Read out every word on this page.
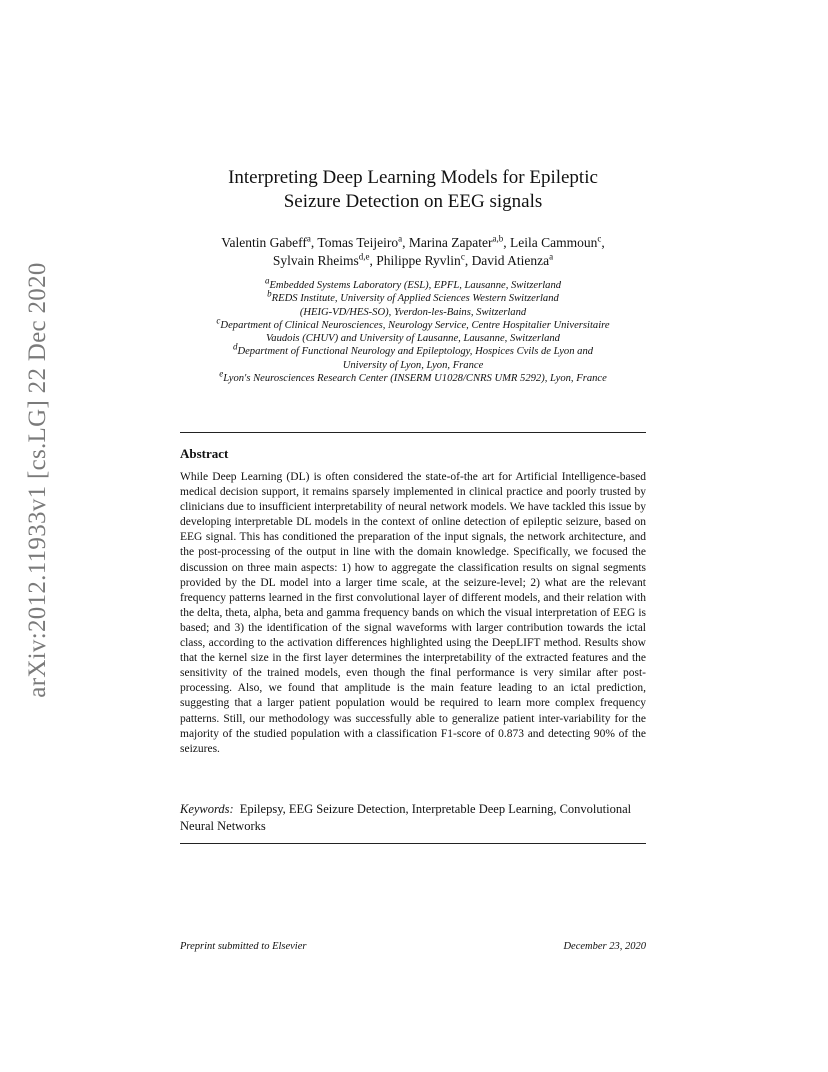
arXiv:2012.11933v1 [cs.LG] 22 Dec 2020
Interpreting Deep Learning Models for Epileptic
Seizure Detection on EEG signals
Valentin Gabeff$^a$, Tomas Teijeiro$^a$, Marina Zapater$^{a,b}$, Leila Cammoun$^c$,
Sylvain Rheims$^{d,e}$, Philippe Ryvlin$^c$, David Atienza$^a$
$^a$Embedded Systems Laboratory (ESL), EPFL, Lausanne, Switzerland
$^b$REDS Institute, University of Applied Sciences Western Switzerland
(HEIG-VD/HES-SO), Yverdon-les-Bains, Switzerland
$^c$Department of Clinical Neurosciences, Neurology Service, Centre Hospitalier Universitaire
Vaudois (CHUV) and University of Lausanne, Lausanne, Switzerland
$^d$Department of Functional Neurology and Epileptology, Hospices Cvils de Lyon and
University of Lyon, Lyon, France
$^e$Lyon's Neurosciences Research Center (INSERM U1028/CNRS UMR 5292), Lyon, France
Abstract
While Deep Learning (DL) is often considered the state-of-the art for Artificial Intelligence-based medical decision support, it remains sparsely implemented in clinical practice and poorly trusted by clinicians due to insufficient interpretability of neural network models. We have tackled this issue by developing interpretable DL models in the context of online detection of epileptic seizure, based on EEG signal. This has conditioned the preparation of the input signals, the network architecture, and the post-processing of the output in line with the domain knowledge. Specifically, we focused the discussion on three main aspects: 1) how to aggregate the classification results on signal segments provided by the DL model into a larger time scale, at the seizure-level; 2) what are the relevant frequency patterns learned in the first convolutional layer of different models, and their relation with the delta, theta, alpha, beta and gamma frequency bands on which the visual interpretation of EEG is based; and 3) the identification of the signal waveforms with larger contribution towards the ictal class, according to the activation differences highlighted using the DeepLIFT method. Results show that the kernel size in the first layer determines the interpretability of the extracted features and the sensitivity of the trained models, even though the final performance is very similar after post-processing. Also, we found that amplitude is the main feature leading to an ictal prediction, suggesting that a larger patient population would be required to learn more complex frequency patterns. Still, our methodology was successfully able to generalize patient inter-variability for the majority of the studied population with a classification F1-score of 0.873 and detecting 90% of the seizures.
Keywords: Epilepsy, EEG Seizure Detection, Interpretable Deep Learning, Convolutional Neural Networks
Preprint submitted to Elsevier	December 23, 2020
